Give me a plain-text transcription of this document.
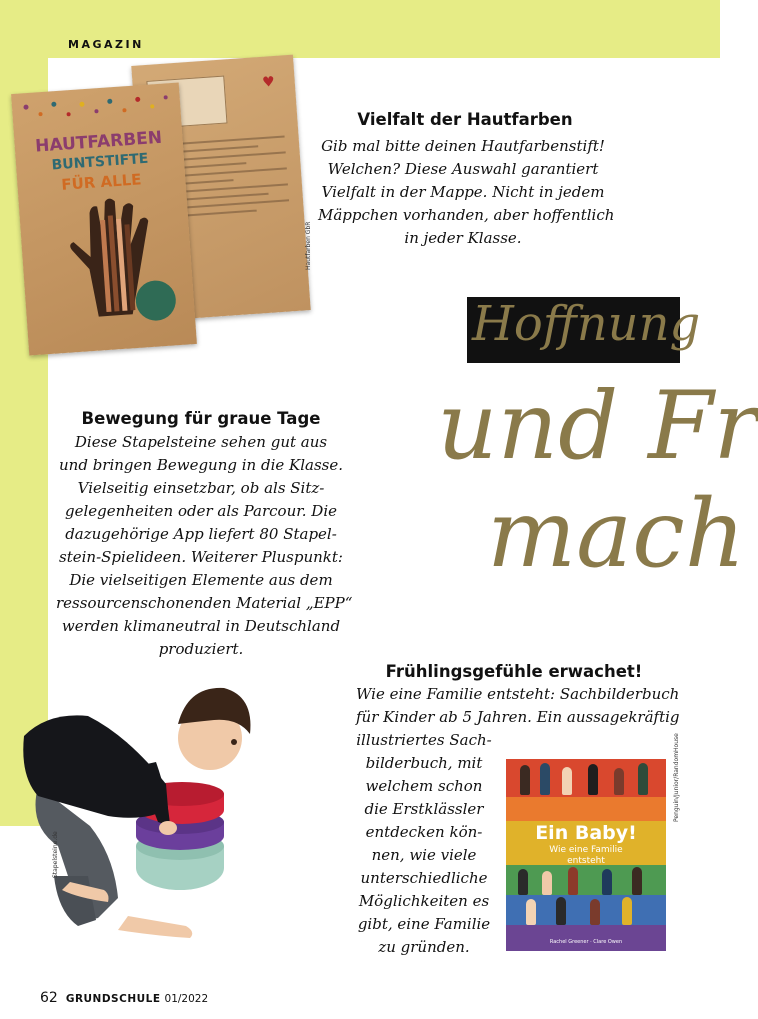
MAGAZIN
♥
HAUTFARBEN
BUNTSTIFTE
FÜR ALLE
Hautfarben GbR
Vielfalt der Hautfarben
Gib mal bitte deinen Hautfarbenstift!
Welchen? Diese Auswahl garantiert
Vielfalt in der Mappe. Nicht in jedem
Mäppchen vorhanden, aber hoffentlich
in jeder Klasse.
Hoffnung
und Fr
mach
Bewegung für graue Tage
Diese Stapelsteine sehen gut aus
und bringen Bewegung in die Klasse.
Vielseitig einsetzbar, ob als Sitz-
gelegenheiten oder als Parcour. Die
dazugehörige App liefert 80 Stapel-
stein-Spielideen. Weiterer Pluspunkt:
Die vielseitigen Elemente aus dem
ressourcenschonenden Material „EPP“
werden klimaneutral in Deutschland
produziert.
Stapelsteine.de
Frühlingsgefühle erwachet!
Wie eine Familie entsteht: Sachbilderbuch
für Kinder ab 5 Jahren. Ein aussagekräftig
illustriertes Sach-
bilderbuch, mit
welchem schon
die Erstklässler
entdecken kön-
nen, wie viele
unterschiedliche
Möglichkeiten es
gibt, eine Familie
zu gründen.
Ein Baby!
Wie eine Familie
entsteht
Rachel Greener · Clare Owen
Penguin/Junior/RandomHouse
62 GRUNDSCHULE 01/2022
